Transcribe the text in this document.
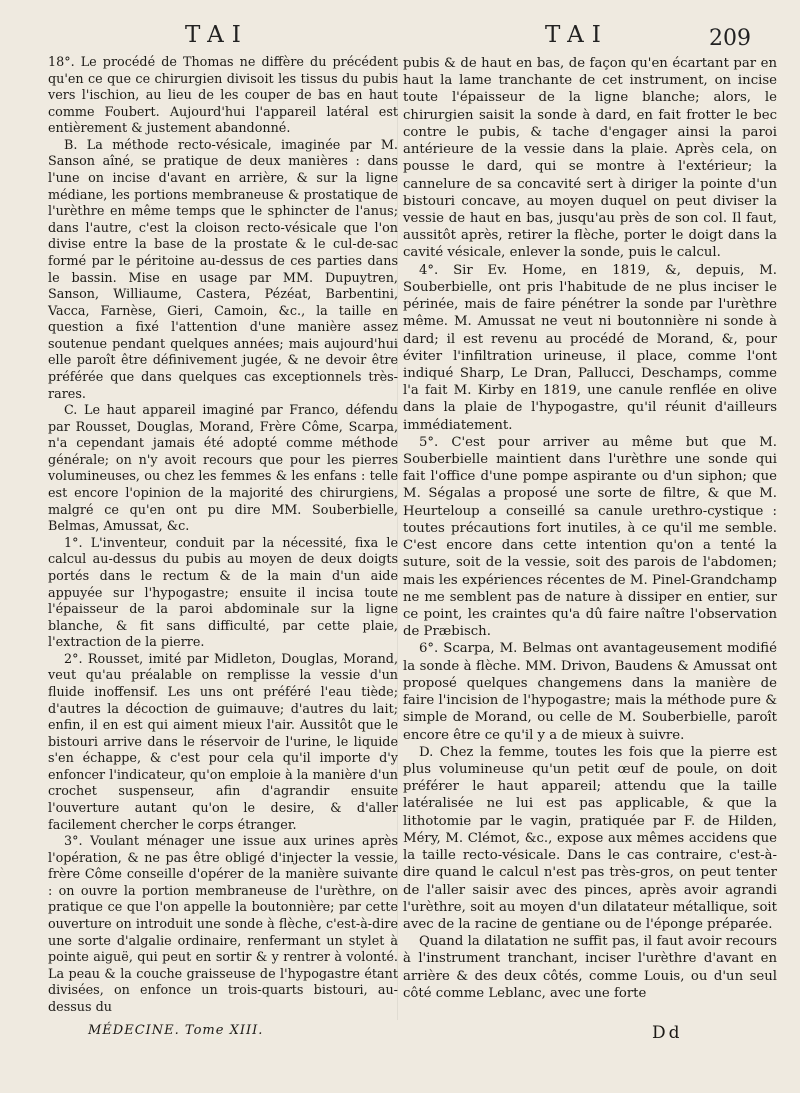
TAI	TAI	209

18°. Le procédé de Thomas ne diffère du précédent qu'en ce que ce chirurgien divisoit les tissus du pubis vers l'ischion, au lieu de les couper de bas en haut comme Foubert. Aujourd'hui l'appareil latéral est entièrement & justement abandonné.

B. La méthode recto-vésicale, imaginée par M. Sanson aîné, se pratique de deux manières : dans l'une on incise d'avant en arrière, & sur la ligne médiane, les portions membraneuse & prostatique de l'urèthre en même temps que le sphincter de l'anus; dans l'autre, c'est la cloison recto-vésicale que l'on divise entre la base de la prostate & le cul-de-sac formé par le péritoine au-dessus de ces parties dans le bassin. Mise en usage par MM. Dupuytren, Sanson, Williaume, Castera, Pézéat, Barbentini, Vacca, Farnèse, Gieri, Camoin, &c., la taille en question a fixé l'attention d'une manière assez soutenue pendant quelques années; mais aujourd'hui elle paroît être définivement jugée, & ne devoir être préférée que dans quelques cas exceptionnels très-rares.

C. Le haut appareil imaginé par Franco, défendu par Rousset, Douglas, Morand, Frère Côme, Scarpa, n'a cependant jamais été adopté comme méthode générale; on n'y avoit recours que pour les pierres volumineuses, ou chez les femmes & les enfans : telle est encore l'opinion de la majorité des chirurgiens, malgré ce qu'en ont pu dire MM. Souberbielle, Belmas, Amussat, &c.

1°. L'inventeur, conduit par la nécessité, fixa le calcul au-dessus du pubis au moyen de deux doigts portés dans le rectum & de la main d'un aide appuyée sur l'hypogastre; ensuite il incisa toute l'épaisseur de la paroi abdominale sur la ligne blanche, & fit sans difficulté, par cette plaie, l'extraction de la pierre.

2°. Rousset, imité par Midleton, Douglas, Morand, veut qu'au préalable on remplisse la vessie d'un fluide inoffensif. Les uns ont préféré l'eau tiède; d'autres la décoction de guimauve; d'autres du lait; enfin, il en est qui aiment mieux l'air. Aussitôt que le bistouri arrive dans le réservoir de l'urine, le liquide s'en échappe, & c'est pour cela qu'il importe d'y enfoncer l'indicateur, qu'on emploie à la manière d'un crochet suspenseur, afin d'agrandir ensuite l'ouverture autant qu'on le desire, & d'aller facilement chercher le corps étranger.

3°. Voulant ménager une issue aux urines après l'opération, & ne pas être obligé d'injecter la vessie, frère Côme conseille d'opérer de la manière suivante : on ouvre la portion membraneuse de l'urèthre, on pratique ce que l'on appelle la boutonnière; par cette ouverture on introduit une sonde à flèche, c'est-à-dire une sorte d'algalie ordinaire, renfermant un stylet à pointe aiguë, qui peut en sortir & y rentrer à volonté. La peau & la couche graisseuse de l'hypogastre étant divisées, on enfonce un trois-quarts bistouri, au-dessus du

pubis & de haut en bas, de façon qu'en écartant par en haut la lame tranchante de cet instrument, on incise toute l'épaisseur de la ligne blanche; alors, le chirurgien saisit la sonde à dard, en fait frotter le bec contre le pubis, & tache d'engager ainsi la paroi antérieure de la vessie dans la plaie. Après cela, on pousse le dard, qui se montre à l'extérieur; la cannelure de sa concavité sert à diriger la pointe d'un bistouri concave, au moyen duquel on peut diviser la vessie de haut en bas, jusqu'au près de son col. Il faut, aussitôt après, retirer la flèche, porter le doigt dans la cavité vésicale, enlever la sonde, puis le calcul.

4°. Sir Ev. Home, en 1819, &, depuis, M. Souberbielle, ont pris l'habitude de ne plus inciser le périnée, mais de faire pénétrer la sonde par l'urèthre même. M. Amussat ne veut ni boutonnière ni sonde à dard; il est revenu au procédé de Morand, &, pour éviter l'infiltration urineuse, il place, comme l'ont indiqué Sharp, Le Dran, Pallucci, Deschamps, comme l'a fait M. Kirby en 1819, une canule renflée en olive dans la plaie de l'hypogastre, qu'il réunit d'ailleurs immédiatement.

5°. C'est pour arriver au même but que M. Souberbielle maintient dans l'urèthre une sonde qui fait l'office d'une pompe aspirante ou d'un siphon; que M. Ségalas a proposé une sorte de filtre, & que M. Heurteloup a conseillé sa canule urethro-cystique : toutes précautions fort inutiles, à ce qu'il me semble. C'est encore dans cette intention qu'on a tenté la suture, soit de la vessie, soit des parois de l'abdomen; mais les expériences récentes de M. Pinel-Grandchamp ne me semblent pas de nature à dissiper en entier, sur ce point, les craintes qu'a dû faire naître l'observation de Præbisch.

6°. Scarpa, M. Belmas ont avantageusement modifié la sonde à flèche. MM. Drivon, Baudens & Amussat ont proposé quelques changemens dans la manière de faire l'incision de l'hypogastre; mais la méthode pure & simple de Morand, ou celle de M. Souberbielle, paroît encore être ce qu'il y a de mieux à suivre.

D. Chez la femme, toutes les fois que la pierre est plus volumineuse qu'un petit œuf de poule, on doit préférer le haut appareil; attendu que la taille latéralisée ne lui est pas applicable, & que la lithotomie par le vagin, pratiquée par F. de Hilden, Méry, M. Clémot, &c., expose aux mêmes accidens que la taille recto-vésicale. Dans le cas contraire, c'est-à-dire quand le calcul n'est pas très-gros, on peut tenter de l'aller saisir avec des pinces, après avoir agrandi l'urèthre, soit au moyen d'un dilatateur métallique, soit avec de la racine de gentiane ou de l'éponge préparée.

Quand la dilatation ne suffit pas, il faut avoir recours à l'instrument tranchant, inciser l'urèthre d'avant en arrière & des deux côtés, comme Louis, ou d'un seul côté comme Leblanc, avec une forte

MÉDECINE. Tome XIII.	Dd
